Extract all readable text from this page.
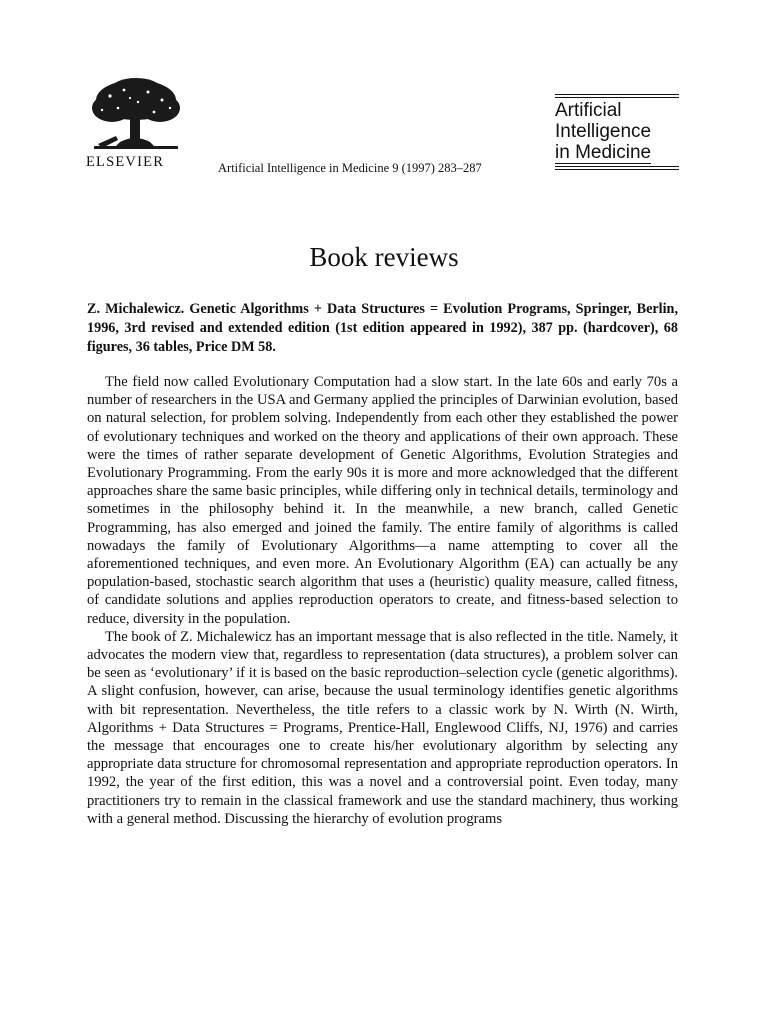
ELSEVIER	Artificial Intelligence in Medicine 9 (1997) 283–287
Artificial
Intelligence
in Medicine
Book reviews
Z. Michalewicz. Genetic Algorithms + Data Structures = Evolution Programs, Springer, Berlin, 1996, 3rd revised and extended edition (1st edition appeared in 1992), 387 pp. (hardcover), 68 figures, 36 tables, Price DM 58.

The field now called Evolutionary Computation had a slow start. In the late 60s and early 70s a number of researchers in the USA and Germany applied the principles of Darwinian evolution, based on natural selection, for problem solving. Independently from each other they established the power of evolutionary techniques and worked on the theory and applications of their own approach. These were the times of rather separate development of Genetic Algorithms, Evolution Strategies and Evolutionary Programming. From the early 90s it is more and more acknowledged that the different approaches share the same basic principles, while differing only in technical details, terminology and sometimes in the philosophy behind it. In the meanwhile, a new branch, called Genetic Programming, has also emerged and joined the family. The entire family of algorithms is called nowadays the family of Evolutionary Algorithms—a name attempting to cover all the aforementioned techniques, and even more. An Evolutionary Algorithm (EA) can actually be any population-based, stochastic search algorithm that uses a (heuristic) quality measure, called fitness, of candidate solutions and applies reproduction operators to create, and fitness-based selection to reduce, diversity in the population.

The book of Z. Michalewicz has an important message that is also reflected in the title. Namely, it advocates the modern view that, regardless to representation (data structures), a problem solver can be seen as ‘evolutionary’ if it is based on the basic reproduction–selection cycle (genetic algorithms). A slight confusion, however, can arise, because the usual terminology identifies genetic algorithms with bit representation. Nevertheless, the title refers to a classic work by N. Wirth (N. Wirth, Algorithms + Data Structures = Programs, Prentice-Hall, Englewood Cliffs, NJ, 1976) and carries the message that encourages one to create his/her evolutionary algorithm by selecting any appropriate data structure for chromosomal representation and appropriate reproduction operators. In 1992, the year of the first edition, this was a novel and a controversial point. Even today, many practitioners try to remain in the classical framework and use the standard machinery, thus working with a general method. Discussing the hierarchy of evolution programs
